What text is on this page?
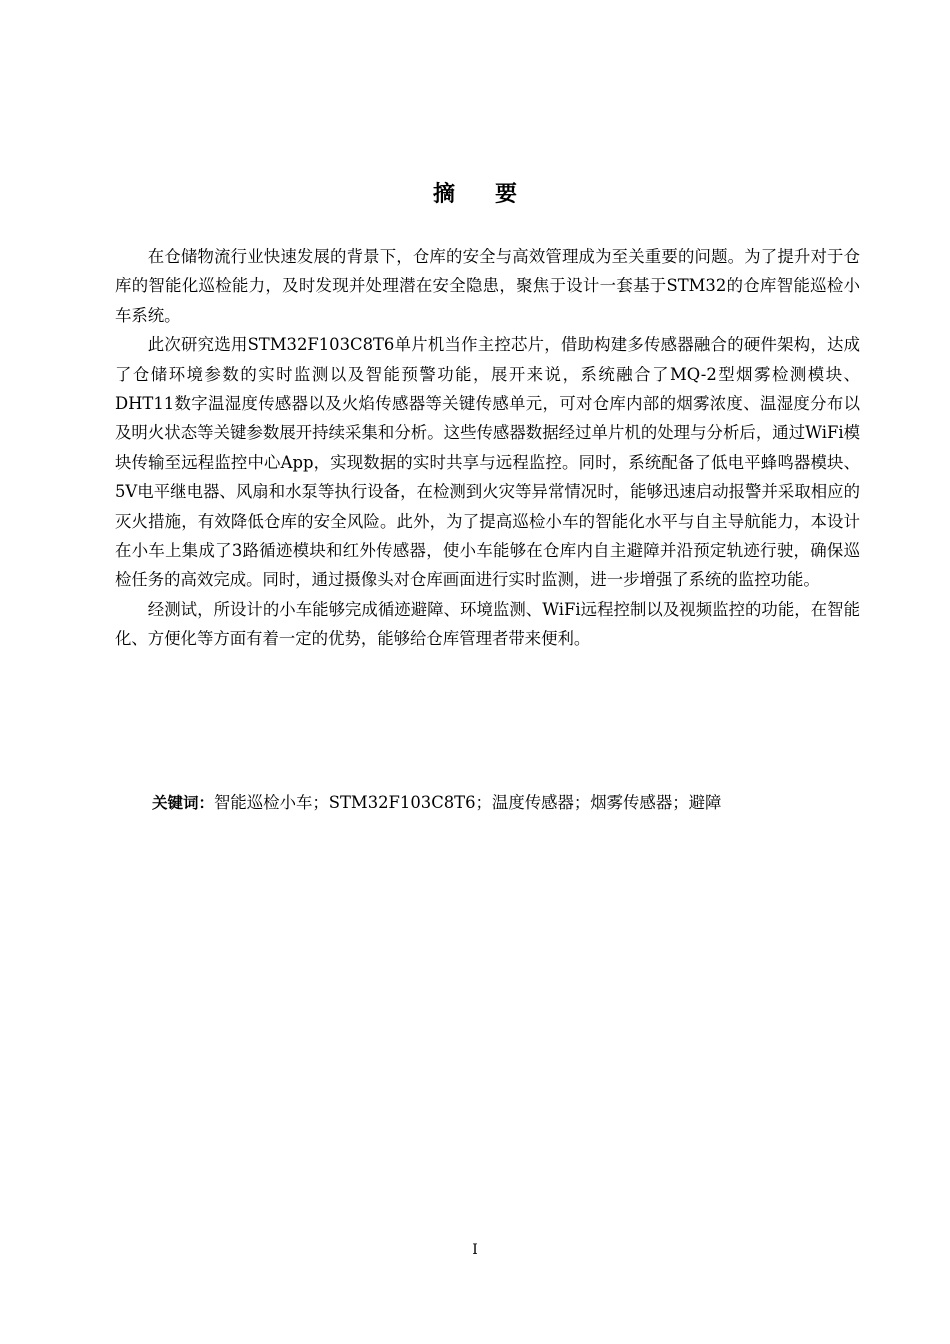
摘要

在仓储物流行业快速发展的背景下，仓库的安全与高效管理成为至关重要的问题。为了提升对于仓库的智能化巡检能力，及时发现并处理潜在安全隐患，聚焦于设计一套基于STM32的仓库智能巡检小车系统。

此次研究选用STM32F103C8T6单片机当作主控芯片，借助构建多传感器融合的硬件架构，达成了仓储环境参数的实时监测以及智能预警功能，展开来说，系统融合了MQ-2型烟雾检测模块、DHT11数字温湿度传感器以及火焰传感器等关键传感单元，可对仓库内部的烟雾浓度、温湿度分布以及明火状态等关键参数展开持续采集和分析。这些传感器数据经过单片机的处理与分析后，通过WiFi模块传输至远程监控中心App，实现数据的实时共享与远程监控。同时，系统配备了低电平蜂鸣器模块、5V电平继电器、风扇和水泵等执行设备，在检测到火灾等异常情况时，能够迅速启动报警并采取相应的灭火措施，有效降低仓库的安全风险。此外，为了提高巡检小车的智能化水平与自主导航能力，本设计在小车上集成了3路循迹模块和红外传感器，使小车能够在仓库内自主避障并沿预定轨迹行驶，确保巡检任务的高效完成。同时，通过摄像头对仓库画面进行实时监测，进一步增强了系统的监控功能。

经测试，所设计的小车能够完成循迹避障、环境监测、WiFi远程控制以及视频监控的功能，在智能化、方便化等方面有着一定的优势，能够给仓库管理者带来便利。

关键词：智能巡检小车；STM32F103C8T6；温度传感器；烟雾传感器；避障

I
